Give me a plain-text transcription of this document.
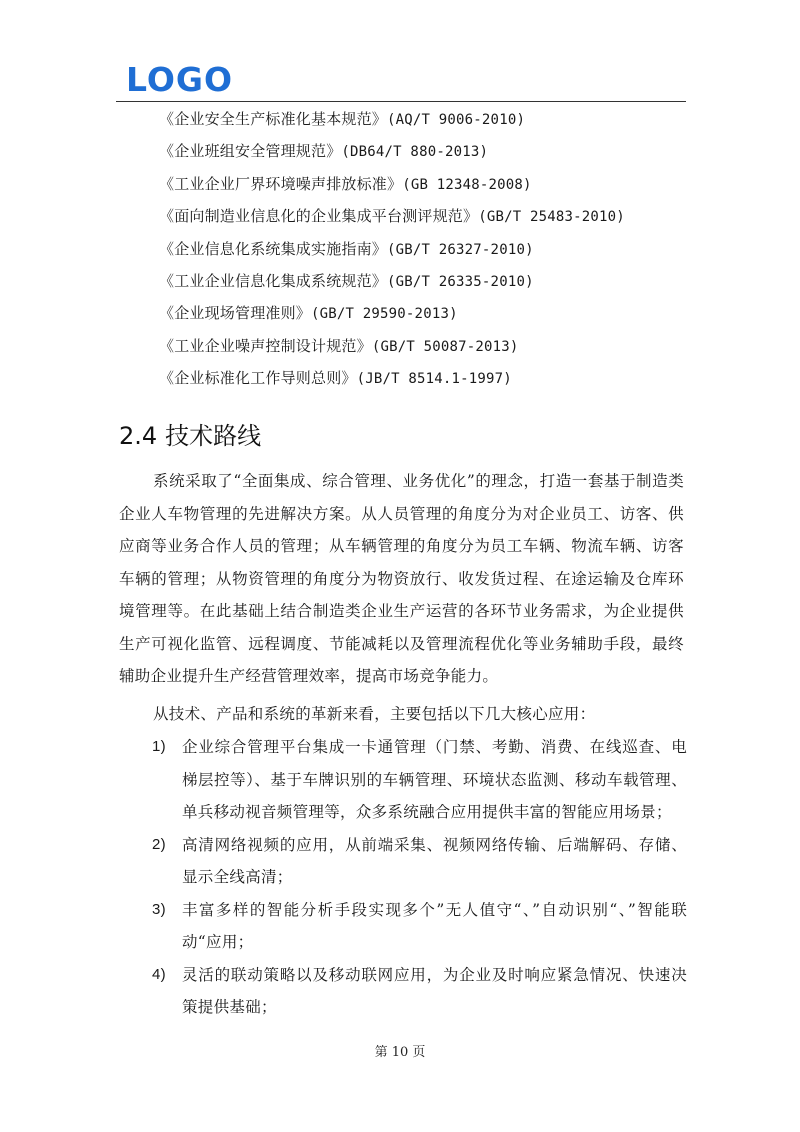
LOGO
《企业安全生产标准化基本规范》(AQ/T 9006-2010)
《企业班组安全管理规范》(DB64/T 880-2013)
《工业企业厂界环境噪声排放标准》(GB 12348-2008)
《面向制造业信息化的企业集成平台测评规范》(GB/T 25483-2010)
《企业信息化系统集成实施指南》(GB/T 26327-2010)
《工业企业信息化集成系统规范》(GB/T 26335-2010)
《企业现场管理准则》(GB/T 29590-2013)
《工业企业噪声控制设计规范》(GB/T 50087-2013)
《企业标准化工作导则总则》(JB/T 8514.1-1997)
2.4 技术路线
系统采取了“全面集成、综合管理、业务优化”的理念，打造一套基于制造类企业人车物管理的先进解决方案。从人员管理的角度分为对企业员工、访客、供应商等业务合作人员的管理；从车辆管理的角度分为员工车辆、物流车辆、访客车辆的管理；从物资管理的角度分为物资放行、收发货过程、在途运输及仓库环境管理等。在此基础上结合制造类企业生产运营的各环节业务需求，为企业提供生产可视化监管、远程调度、节能减耗以及管理流程优化等业务辅助手段，最终辅助企业提升生产经营管理效率，提高市场竞争能力。
从技术、产品和系统的革新来看，主要包括以下几大核心应用：
1) 企业综合管理平台集成一卡通管理（门禁、考勤、消费、在线巡查、电梯层控等）、基于车牌识别的车辆管理、环境状态监测、移动车载管理、单兵移动视音频管理等，众多系统融合应用提供丰富的智能应用场景；
2) 高清网络视频的应用，从前端采集、视频网络传输、后端解码、存储、显示全线高清；
3) 丰富多样的智能分析手段实现多个”无人值守“、”自动识别“、”智能联动“应用；
4) 灵活的联动策略以及移动联网应用，为企业及时响应紧急情况、快速决策提供基础；
第 10 页
